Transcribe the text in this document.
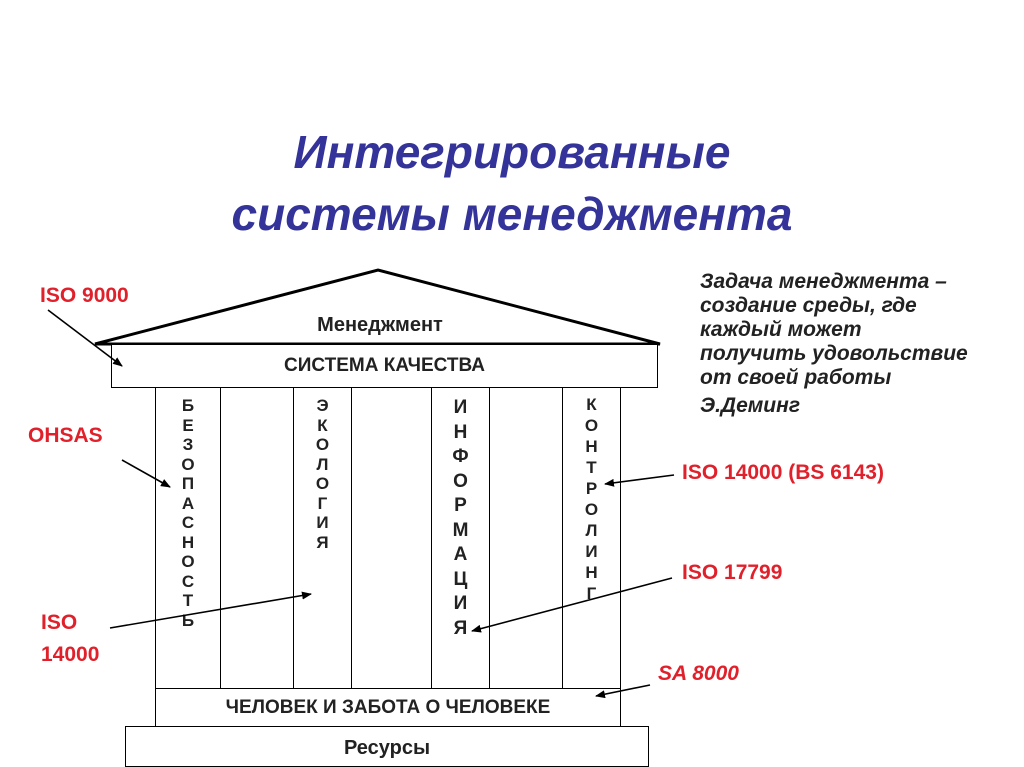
Интегрированные
системы менеджмента
Задача менеджмента –
создание среды, где
каждый может
получить удовольствие
от своей работы
Э.Деминг
Менеджмент
СИСТЕМА КАЧЕСТВА
Б
Е
З
О
П
А
С
Н
О
С
Т
Ь
Э
К
О
Л
О
Г
И
Я
И
Н
Ф
О
Р
М
А
Ц
И
Я
К
О
Н
Т
Р
О
Л
И
Н
Г
ЧЕЛОВЕК И ЗАБОТА О ЧЕЛОВЕКЕ
Ресурсы
ISO 9000
OHSAS
ISO
14000
ISO 14000 (BS 6143)
ISO 17799
SA 8000
